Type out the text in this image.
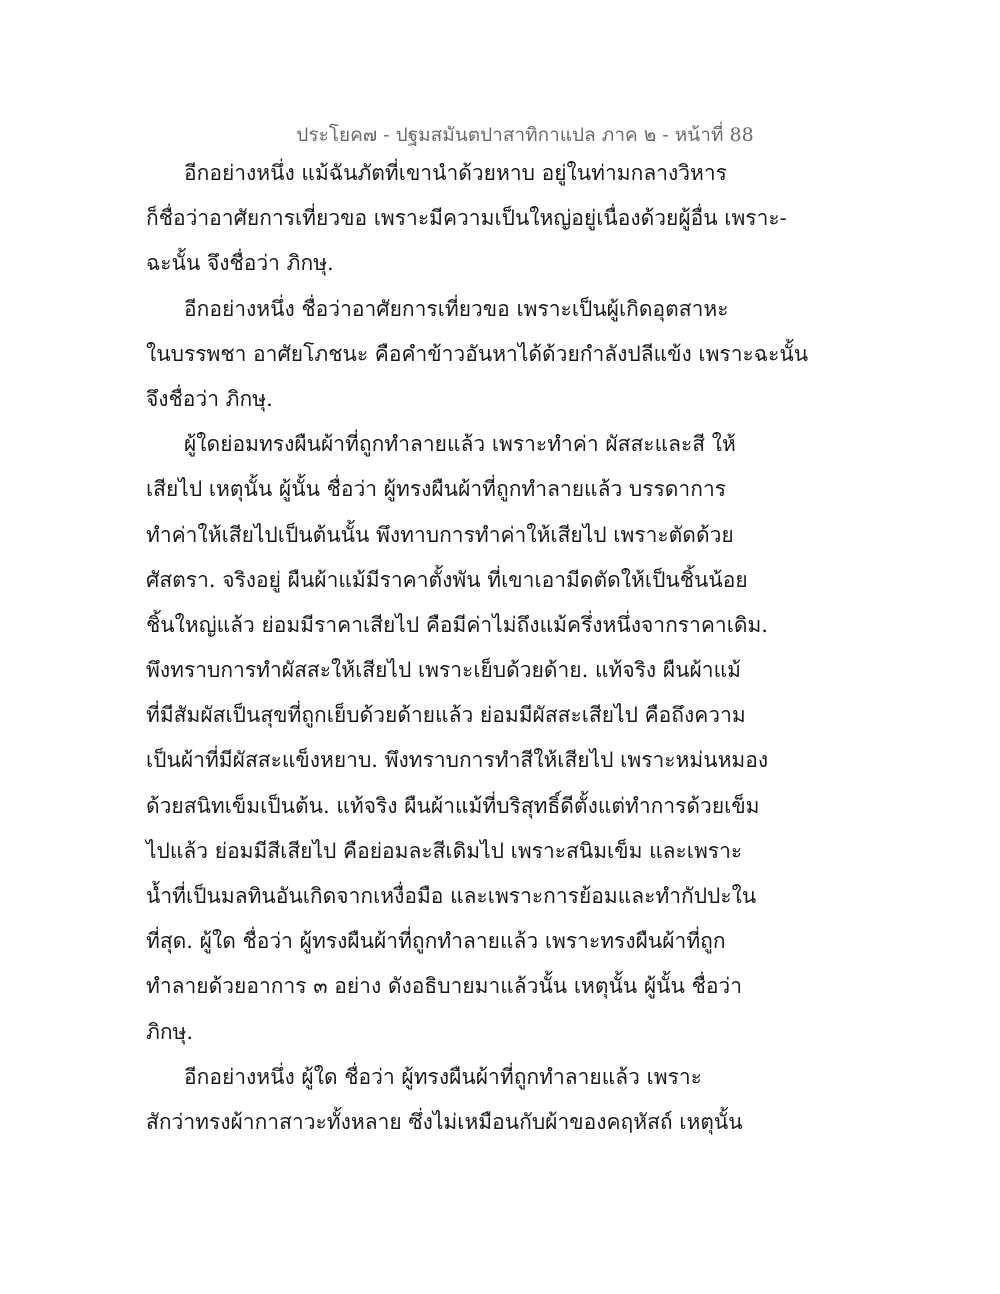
ประโยค๗ - ปฐมสมันตปาสาทิกาแปล ภาค ๒ - หน้าที่ 88
อีกอย่างหนึ่ง แม้ฉันภัตที่เขานำด้วยหาบ อยู่ในท่ามกลางวิหาร
ก็ชื่อว่าอาศัยการเที่ยวขอ เพราะมีความเป็นใหญ่อยู่เนื่องด้วยผู้อื่น เพราะ-
ฉะนั้น จึงชื่อว่า ภิกษุ.
อีกอย่างหนึ่ง ชื่อว่าอาศัยการเที่ยวขอ เพราะเป็นผู้เกิดอุตสาหะ
ในบรรพชา อาศัยโภชนะ คือคำข้าวอันหาได้ด้วยกำลังปลีแข้ง เพราะฉะนั้น
จึงชื่อว่า ภิกษุ.
ผู้ใดย่อมทรงผืนผ้าที่ถูกทำลายแล้ว เพราะทำค่า ผัสสะและสี ให้
เสียไป เหตุนั้น ผู้นั้น ชื่อว่า ผู้ทรงผืนผ้าที่ถูกทำลายแล้ว บรรดาการ
ทำค่าให้เสียไปเป็นต้นนั้น พึงทาบการทำค่าให้เสียไป เพราะตัดด้วย
ศัสตรา. จริงอยู่ ผืนผ้าแม้มีราคาตั้งพัน ที่เขาเอามีดตัดให้เป็นชิ้นน้อย
ชิ้นใหญ่แล้ว ย่อมมีราคาเสียไป คือมีค่าไม่ถึงแม้ครึ่งหนึ่งจากราคาเดิม.
พึงทราบการทำผัสสะให้เสียไป เพราะเย็บด้วยด้าย. แท้จริง ผืนผ้าแม้
ที่มีสัมผัสเป็นสุขที่ถูกเย็บด้วยด้ายแล้ว ย่อมมีผัสสะเสียไป คือถึงความ
เป็นผ้าที่มีผัสสะแข็งหยาบ. พึงทราบการทำสีให้เสียไป เพราะหม่นหมอง
ด้วยสนิทเข็มเป็นต้น. แท้จริง ผืนผ้าแม้ที่บริสุทธิ์ดีตั้งแต่ทำการด้วยเข็ม
ไปแล้ว ย่อมมีสีเสียไป คือย่อมละสีเดิมไป เพราะสนิมเข็ม และเพราะ
น้ำที่เป็นมลทินอันเกิดจากเหงื่อมือ และเพราะการย้อมและทำกัปปะใน
ที่สุด. ผู้ใด ชื่อว่า ผู้ทรงผืนผ้าที่ถูกทำลายแล้ว เพราะทรงผืนผ้าที่ถูก
ทำลายด้วยอาการ ๓ อย่าง ดังอธิบายมาแล้วนั้น เหตุนั้น ผู้นั้น ชื่อว่า
ภิกษุ.
อีกอย่างหนึ่ง ผู้ใด ชื่อว่า ผู้ทรงผืนผ้าที่ถูกทำลายแล้ว เพราะ
สักว่าทรงผ้ากาสาวะทั้งหลาย ซึ่งไม่เหมือนกับผ้าของคฤหัสถ์ เหตุนั้น
